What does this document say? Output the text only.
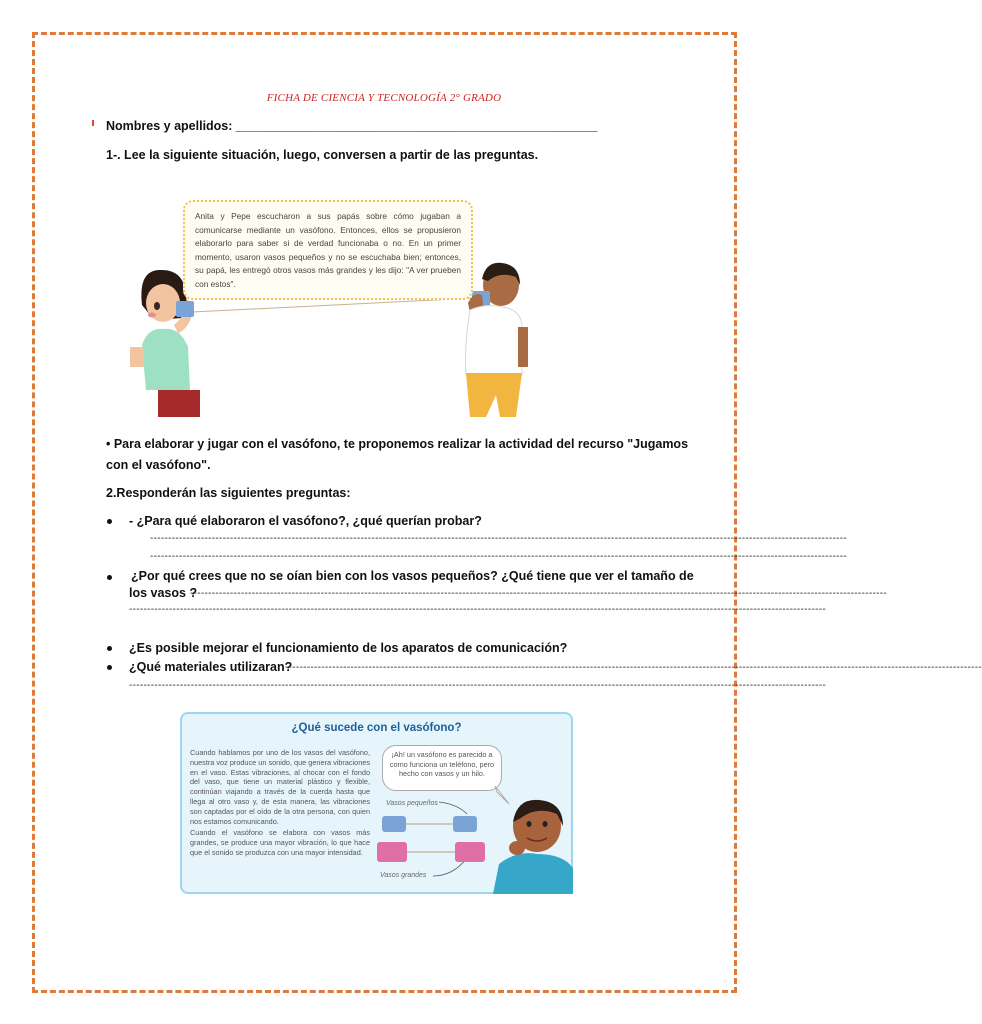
FICHA DE CIENCIA Y TECNOLOGÍA 2° GRADO
Nombres y apellidos: ____________________________________________________
1-. Lee la siguiente situación, luego, conversen a partir de las preguntas.
Anita y Pepe escucharon a sus papás sobre cómo jugaban a comunicarse mediante un vasófono. Entonces, ellos se propusieron elaborarlo para saber si de verdad funcionaba o no. En un primer momento, usaron vasos pequeños y no se escuchaba bien; entonces, su papá, les entregó otros vasos más grandes y les dijo: "A ver prueben con estos".
• Para elaborar y jugar con el vasófono, te proponemos realizar la actividad del recurso "Jugamos
con el vasófono".
2.Responderán las siguientes preguntas:
- ¿Para qué elaboraron el vasófono?, ¿qué querían probar?
------------------------------------------------------------------------------------------------------------------------------------------------------------------------------------------------
------------------------------------------------------------------------------------------------------------------------------------------------------------------------------------------------
¿Por qué crees que no se oían bien con los vasos pequeños? ¿Qué tiene que ver el tamaño de
los vasos ?
------------------------------------------------------------------------------------------------------------------------------------------------------------------------------------------------
------------------------------------------------------------------------------------------------------------------------------------------------------------------------------------------------
¿Es posible mejorar el funcionamiento de los aparatos de comunicación?
¿Qué materiales utilizaran?
------------------------------------------------------------------------------------------------------------------------------------------------------------------------------------------------
------------------------------------------------------------------------------------------------------------------------------------------------------------------------------------------------
¿Qué sucede con el vasófono?

Cuando hablamos por uno de los vasos del vasófono, nuestra voz produce un sonido, que genera vibraciones en el vaso. Estas vibraciones, al chocar con el fondo del vaso, que tiene un material plástico y flexible, continúan viajando a través de la cuerda hasta que llega al otro vaso y, de esta manera, las vibraciones son captadas por el oído de la otra persona, con quien nos estamos comunicando.

Cuando el vasófono se elabora con vasos más grandes, se produce una mayor vibración, lo que hace que el sonido se produzca con una mayor intensidad.

¡Ah! un vasófono es parecido a como funciona un teléfono, pero hecho con vasos y un hilo.
Vasos pequeños
Vasos grandes
